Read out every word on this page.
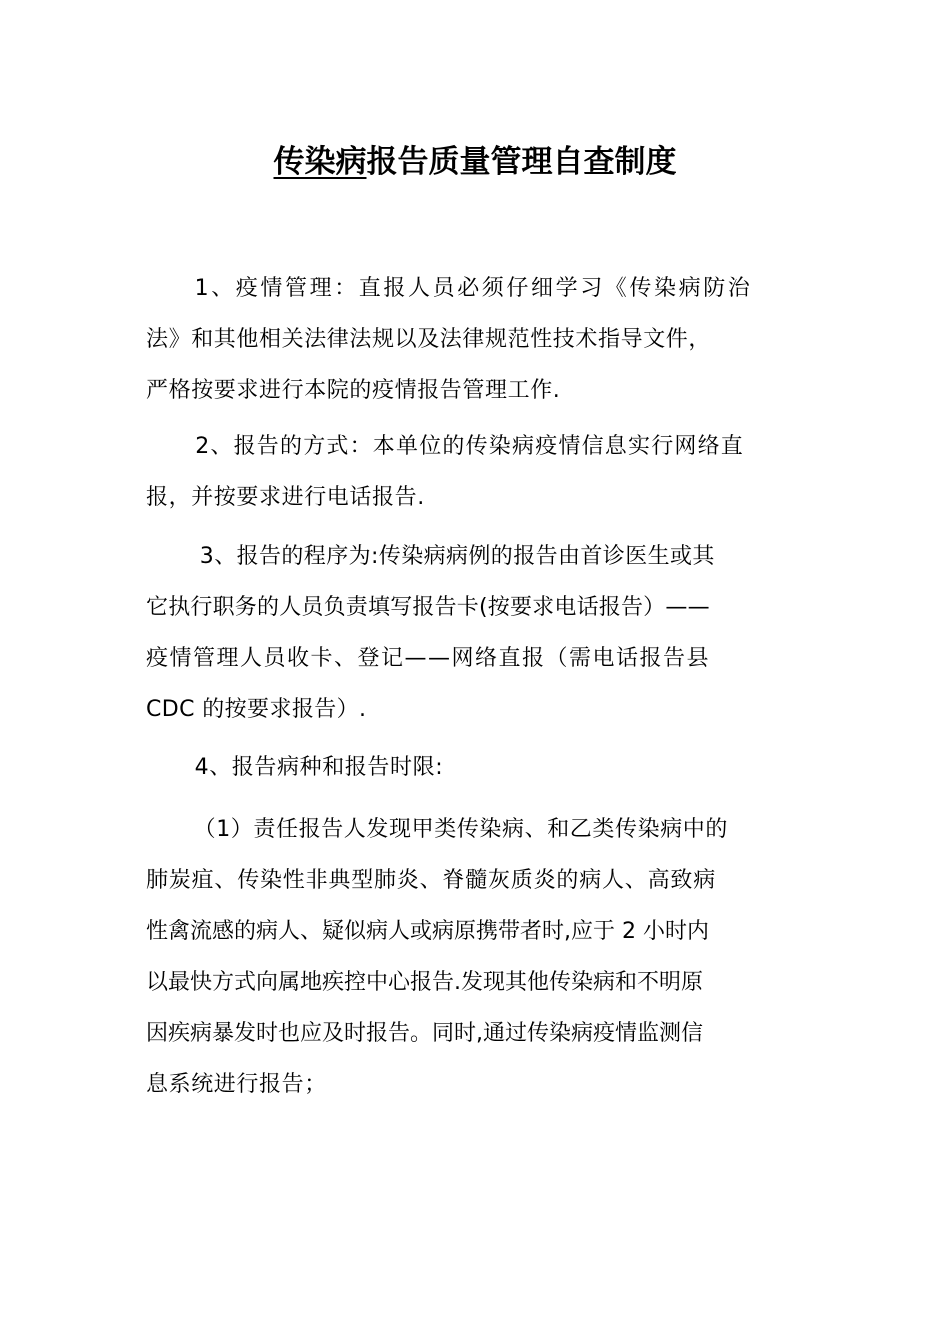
传染病报告质量管理自查制度
　1、疫情管理：直报人员必须仔细学习《传染病防治
法》和其他相关法律法规以及法律规范性技术指导文件，
严格按要求进行本院的疫情报告管理工作.
　2、报告的方式：本单位的传染病疫情信息实行网络直
报，并按要求进行电话报告.
　 3、报告的程序为:传染病病例的报告由首诊医生或其
它执行职务的人员负责填写报告卡(按要求电话报告）——
疫情管理人员收卡、登记——网络直报（需电话报告县
CDC 的按要求报告）.
　4、报告病种和报告时限:
　（1）责任报告人发现甲类传染病、和乙类传染病中的
肺炭疽、传染性非典型肺炎、脊髓灰质炎的病人、高致病
性禽流感的病人、疑似病人或病原携带者时,应于 2 小时内
以最快方式向属地疾控中心报告.发现其他传染病和不明原
因疾病暴发时也应及时报告。同时,通过传染病疫情监测信
息系统进行报告；
